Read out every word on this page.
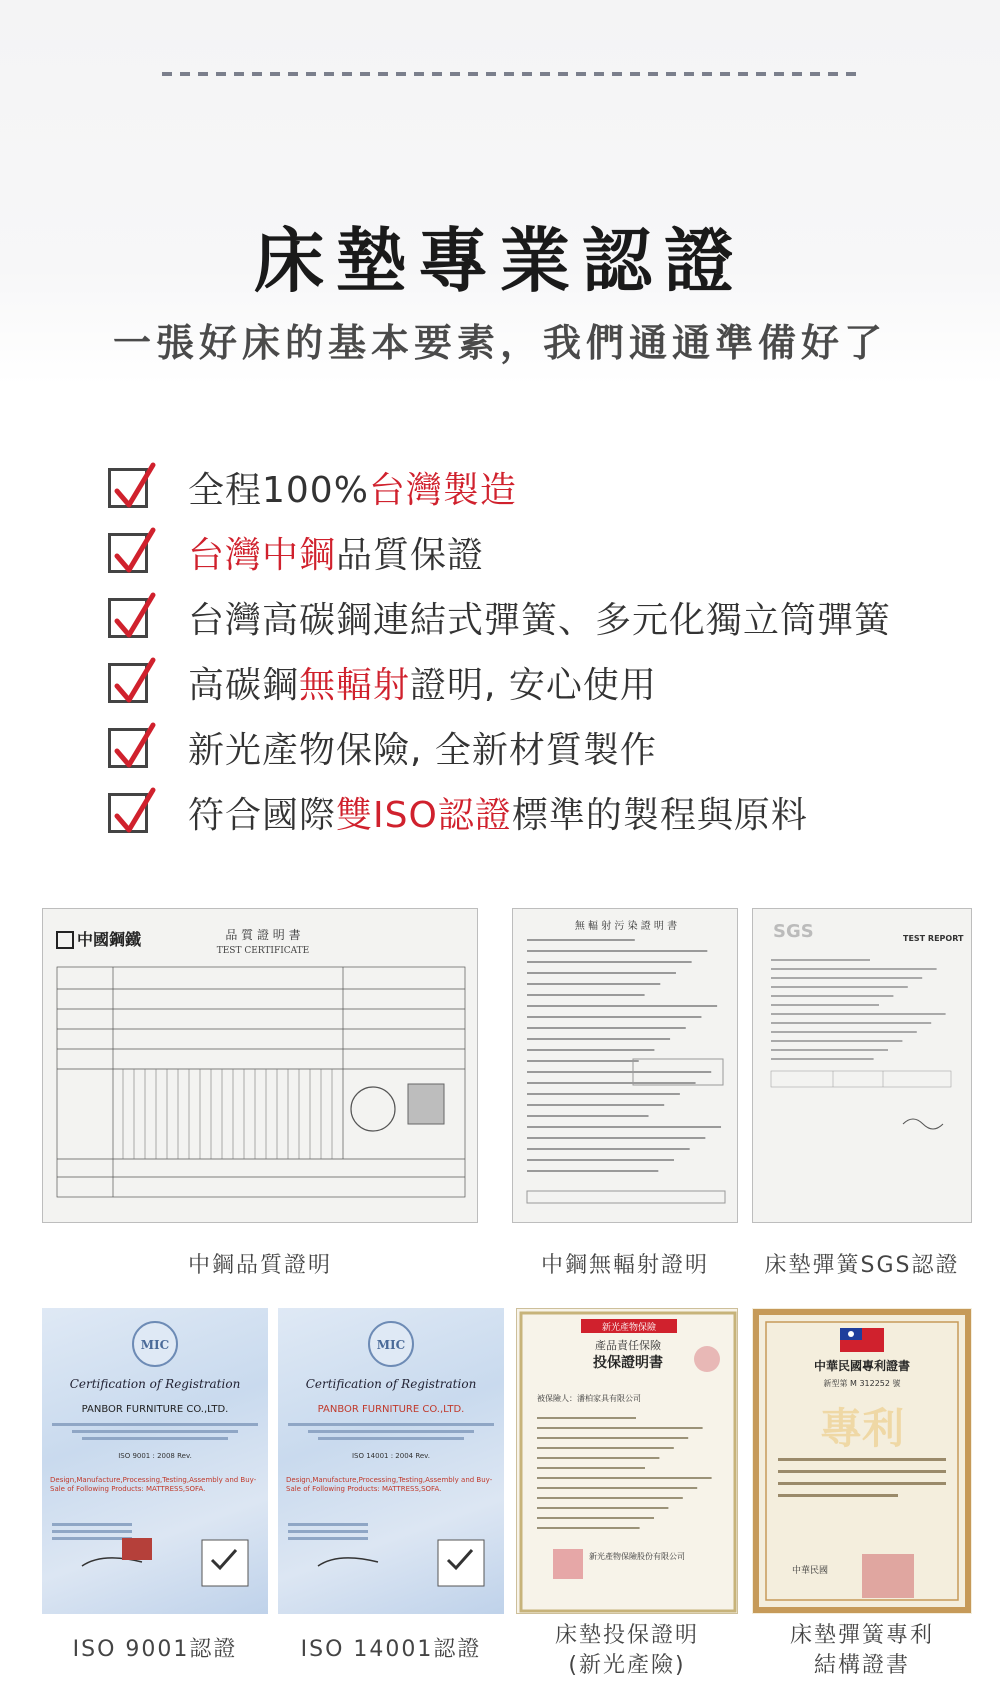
床墊專業認證
一張好床的基本要素，我們通通準備好了
全程100%台灣製造
台灣中鋼品質保證
台灣高碳鋼連結式彈簧、多元化獨立筒彈簧
高碳鋼無輻射證明, 安心使用
新光產物保險, 全新材質製作
符合國際雙ISO認證標準的製程與原料
中國鋼鐵	品 質 證 明 書
TEST CERTIFICATE
中鋼品質證明
無 輻 射 污 染 證 明 書
中鋼無輻射證明
SGS	TEST REPORT
床墊彈簧SGS認證
MIC
Certification of Registration
PANBOR FURNITURE CO.,LTD.
ISO 9001 : 2008 Rev.
Design,Manufacture,Processing,Testing,Assembly and Buy-Sale of Following Products: MATTRESS,SOFA.
ISO 9001認證
MIC
Certification of Registration
PANBOR FURNITURE CO.,LTD.
ISO 14001 : 2004 Rev.
Design,Manufacture,Processing,Testing,Assembly and Buy-Sale of Following Products: MATTRESS,SOFA.
ISO 14001認證
新光產物保險
產品責任保險
投保證明書
被保險人：潘柏家具有限公司
新光產物保險股份有限公司
床墊投保證明
(新光產險)
中華民國專利證書
新型第 M 312252 號
專利
中華民國
床墊彈簧專利
結構證書
